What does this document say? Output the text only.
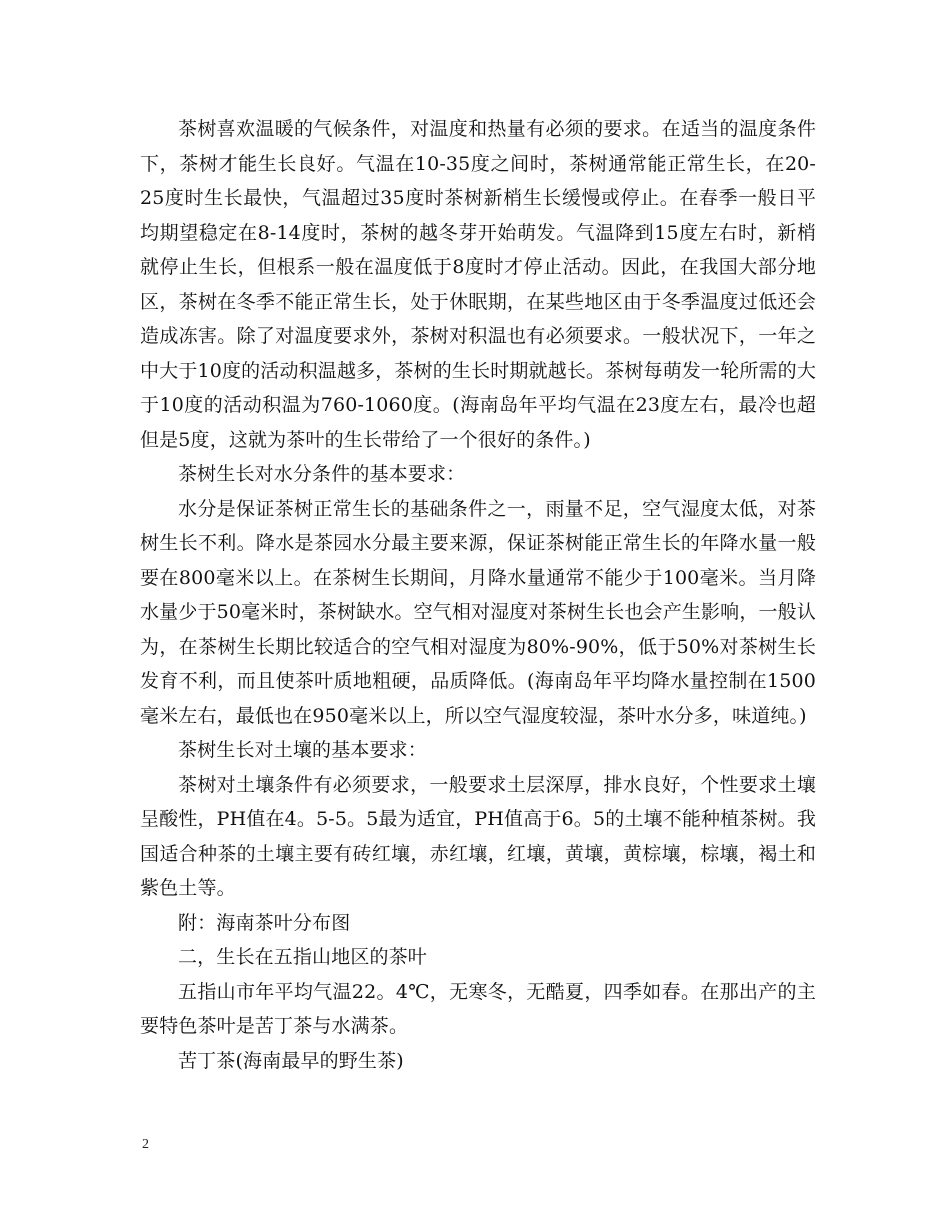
茶树喜欢温暖的气候条件，对温度和热量有必须的要求。在适当的温度条件下，茶树才能生长良好。气温在10-35度之间时，茶树通常能正常生长，在20-25度时生长最快，气温超过35度时茶树新梢生长缓慢或停止。在春季一般日平均期望稳定在8-14度时，茶树的越冬芽开始萌发。气温降到15度左右时，新梢就停止生长，但根系一般在温度低于8度时才停止活动。因此，在我国大部分地区，茶树在冬季不能正常生长，处于休眠期，在某些地区由于冬季温度过低还会造成冻害。除了对温度要求外，茶树对积温也有必须要求。一般状况下，一年之中大于10度的活动积温越多，茶树的生长时期就越长。茶树每萌发一轮所需的大于10度的活动积温为760-1060度。(海南岛年平均气温在23度左右，最冷也超但是5度，这就为茶叶的生长带给了一个很好的条件。)

茶树生长对水分条件的基本要求：

水分是保证茶树正常生长的基础条件之一，雨量不足，空气湿度太低，对茶树生长不利。降水是茶园水分最主要来源，保证茶树能正常生长的年降水量一般要在800毫米以上。在茶树生长期间，月降水量通常不能少于100毫米。当月降水量少于50毫米时，茶树缺水。空气相对湿度对茶树生长也会产生影响，一般认为，在茶树生长期比较适合的空气相对湿度为80%-90%，低于50%对茶树生长发育不利，而且使茶叶质地粗硬，品质降低。(海南岛年平均降水量控制在1500毫米左右，最低也在950毫米以上，所以空气湿度较湿，茶叶水分多，味道纯。)

茶树生长对土壤的基本要求：

茶树对土壤条件有必须要求，一般要求土层深厚，排水良好，个性要求土壤呈酸性，PH值在4。5-5。5最为适宜，PH值高于6。5的土壤不能种植茶树。我国适合种茶的土壤主要有砖红壤，赤红壤，红壤，黄壤，黄棕壤，棕壤，褐土和紫色土等。

附：海南茶叶分布图

二，生长在五指山地区的茶叶

五指山市年平均气温22。4℃，无寒冬，无酷夏，四季如春。在那出产的主要特色茶叶是苦丁茶与水满茶。

苦丁茶(海南最早的野生茶)

2
